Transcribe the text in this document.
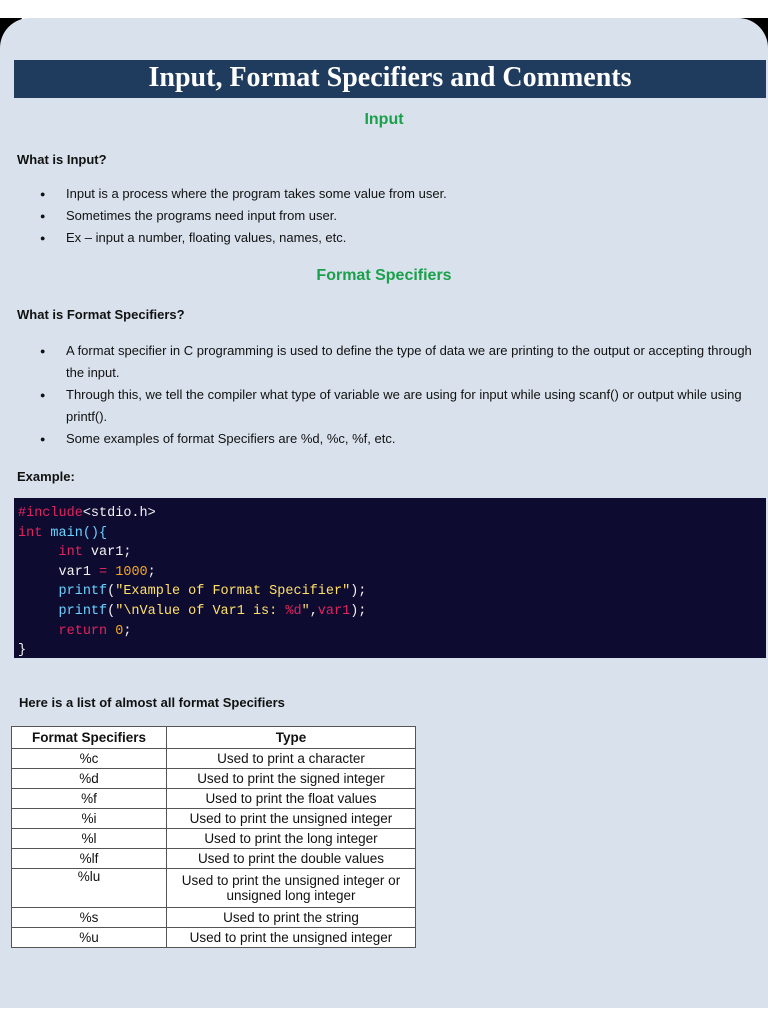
Input, Format Specifiers and Comments
Input
What is Input?
● Input is a process where the program takes some value from user.
● Sometimes the programs need input from user.
● Ex – input a number, floating values, names, etc.
Format Specifiers
What is Format Specifiers?
● A format specifier in C programming is used to define the type of data we are printing to the output or accepting through the input.
● Through this, we tell the compiler what type of variable we are using for input while using scanf() or output while using printf().
● Some examples of format Specifiers are %d, %c, %f, etc.
Example:
#include<stdio.h>
int main(){
int var1;
var1 = 1000;
printf("Example of Format Specifier");
printf("\nValue of Var1 is: %d",var1);
return 0;
}
Here is a list of almost all format Specifiers
Format Specifiers	Type
%c	Used to print a character
%d	Used to print the signed integer
%f	Used to print the float values
%i	Used to print the unsigned integer
%l	Used to print the long integer
%lf	Used to print the double values
%lu	Used to print the unsigned integer or unsigned long integer
%s	Used to print the string
%u	Used to print the unsigned integer
